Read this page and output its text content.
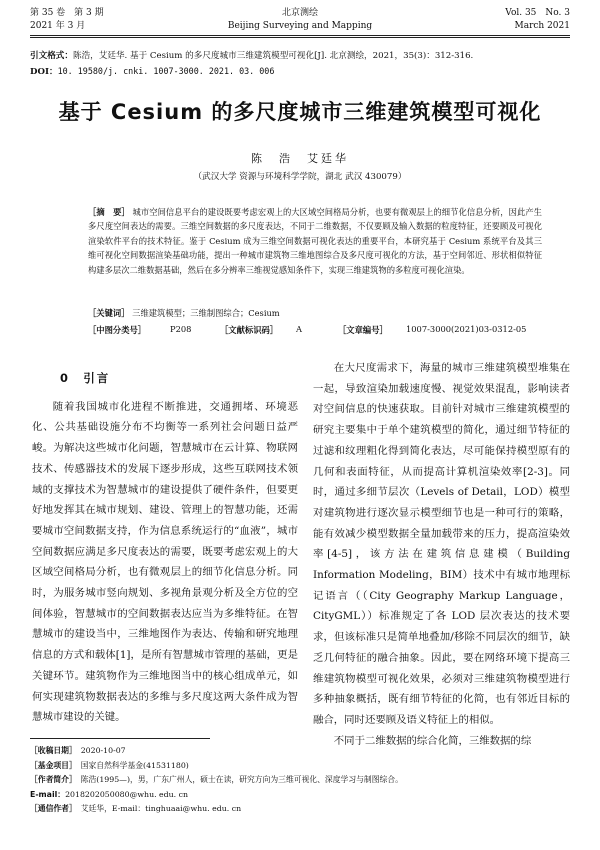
第 35 卷　第 3 期
2021 年 3 月
北京测绘
Beijing Surveying and Mapping
Vol. 35　No. 3
March 2021
引文格式：陈浩，艾廷华. 基于 Cesium 的多尺度城市三维建筑模型可视化[J]. 北京测绘，2021，35(3)：312-316.
DOI：10. 19580/j. cnki. 1007-3000. 2021. 03. 006
基于 Cesium 的多尺度城市三维建筑模型可视化
陈　浩　艾廷华
（武汉大学 资源与环境科学学院，湖北 武汉 430079）
［摘　要］ 城市空间信息平台的建设既要考虑宏观上的大区域空间格局分析，也要有微观层上的细节化信息分析，因此产生多尺度空间表达的需要。三维空间数据的多尺度表达，不同于二维数据，不仅要顾及输入数据的粒度特征，还要顾及可视化渲染软件平台的技术特征。鉴于 Cesium 成为三维空间数据可视化表达的重要平台，本研究基于 Cesium 系统平台及其三维可视化空间数据渲染基础功能，提出一种城市建筑物三维地图综合及多尺度可视化的方法，基于空间邻近、形状相似特征构建多层次二维数据基础，然后在多分辨率三维视觉感知条件下，实现三维建筑物的多粒度可视化渲染。
［关键词］ 三维建筑模型；三维制图综合；Cesium
［中图分类号］	P208	［文献标识码］ A	［文章编号］ 1007-3000(2021)03-0312-05
0　引言

随着我国城市化进程不断推进，交通拥堵、环境恶化、公共基础设施分布不均衡等一系列社会问题日益严峻。为解决这些城市化问题，智慧城市在云计算、物联网技术、传感器技术的发展下逐步形成，这些互联网技术领域的支撑技术为智慧城市的建设提供了硬件条件，但要更好地发挥其在城市规划、建设、管理上的智慧功能，还需要城市空间数据支持，作为信息系统运行的“血液”，城市空间数据应满足多尺度表达的需要，既要考虑宏观上的大区域空间格局分析，也有微观层上的细节化信息分析。同时，为服务城市竖向规划、多视角景观分析及全方位的空间体验，智慧城市的空间数据表达应当为多维特征。在智慧城市的建设当中，三维地图作为表达、传输和研究地理信息的方式和载体[1]，是所有智慧城市管理的基础，更是关键环节。建筑物作为三维地图当中的核心组成单元，如何实现建筑物数据表达的多维与多尺度这两大条件成为智慧城市建设的关键。

在大尺度需求下，海量的城市三维建筑模型堆集在一起，导致渲染加载速度慢、视觉效果混乱，影响读者对空间信息的快速获取。目前针对城市三维建筑模型的研究主要集中于单个建筑模型的简化，通过细节特征的过滤和纹理粗化得到简化表达，尽可能保持模型原有的几何和表面特征，从而提高计算机渲染效率[2-3]。同时，通过多细节层次（Levels of Detail，LOD）模型对建筑物进行逐次显示模型细节也是一种可行的策略，能有效减少模型数据全量加载带来的压力，提高渲染效率[4-5]，该方法在建筑信息建模（Building Information Modeling，BIM）技术中有城市地理标记语言（（City Geography Markup Language，CityGML））标准规定了各 LOD 层次表达的技术要求，但该标准只是简单地叠加/移除不同层次的细节，缺乏几何特征的融合抽象。因此，要在网络环境下提高三维建筑物模型可视化效果，必须对三维建筑物模型进行多种抽象概括，既有细节特征的化简，也有邻近目标的融合，同时还要顾及语义特征上的相似。

不同于二维数据的综合化简，三维数据的综

［收稿日期］　 2020-10-07
［基金项目］　 国家自然科学基金(41531180)
［作者简介］　 陈浩(1995—)，男，广东广州人，硕士在读，研究方向为三维可视化、深度学习与制图综合。
E-mail：2018202050080@whu. edu. cn
［通信作者］　 艾廷华，E-mail：tinghuaai@whu. edu. cn
